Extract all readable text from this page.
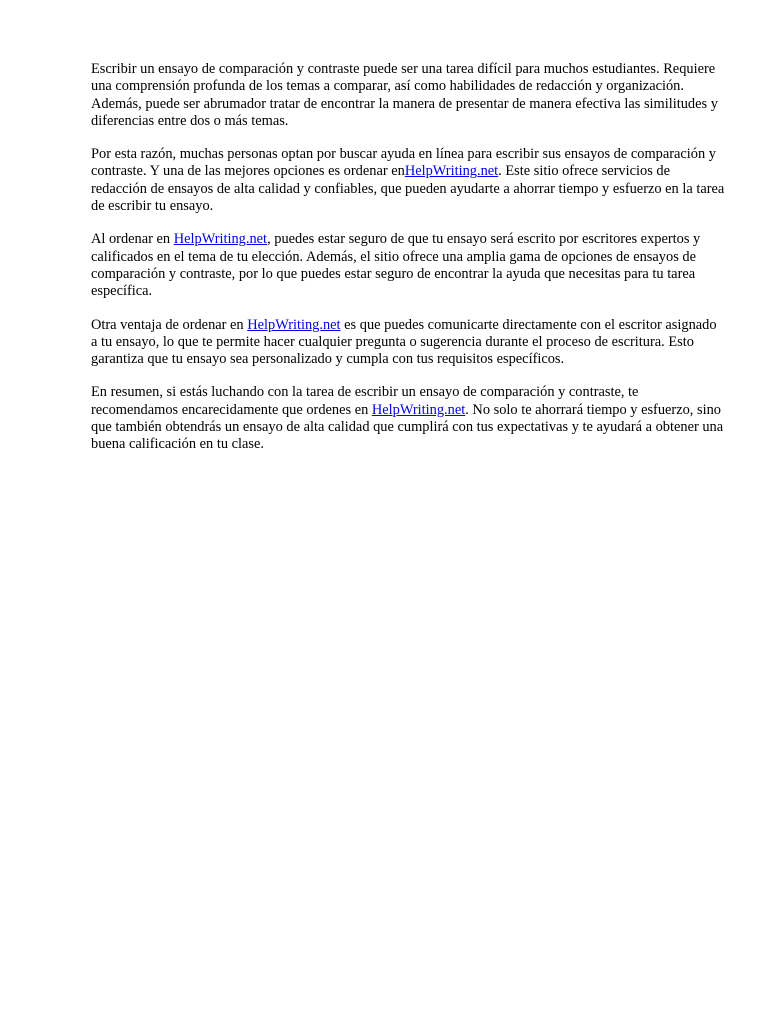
Escribir un ensayo de comparación y contraste puede ser una tarea difícil para muchos estudiantes. Requiere una comprensión profunda de los temas a comparar, así como habilidades de redacción y organización. Además, puede ser abrumador tratar de encontrar la manera de presentar de manera efectiva las similitudes y diferencias entre dos o más temas.

Por esta razón, muchas personas optan por buscar ayuda en línea para escribir sus ensayos de comparación y contraste. Y una de las mejores opciones es ordenar enHelpWriting.net. Este sitio ofrece servicios de redacción de ensayos de alta calidad y confiables, que pueden ayudarte a ahorrar tiempo y esfuerzo en la tarea de escribir tu ensayo.

Al ordenar en HelpWriting.net, puedes estar seguro de que tu ensayo será escrito por escritores expertos y calificados en el tema de tu elección. Además, el sitio ofrece una amplia gama de opciones de ensayos de comparación y contraste, por lo que puedes estar seguro de encontrar la ayuda que necesitas para tu tarea específica.

Otra ventaja de ordenar en HelpWriting.net es que puedes comunicarte directamente con el escritor asignado a tu ensayo, lo que te permite hacer cualquier pregunta o sugerencia durante el proceso de escritura. Esto garantiza que tu ensayo sea personalizado y cumpla con tus requisitos específicos.

En resumen, si estás luchando con la tarea de escribir un ensayo de comparación y contraste, te recomendamos encarecidamente que ordenes en HelpWriting.net. No solo te ahorrará tiempo y esfuerzo, sino que también obtendrás un ensayo de alta calidad que cumplirá con tus expectativas y te ayudará a obtener una buena calificación en tu clase.
